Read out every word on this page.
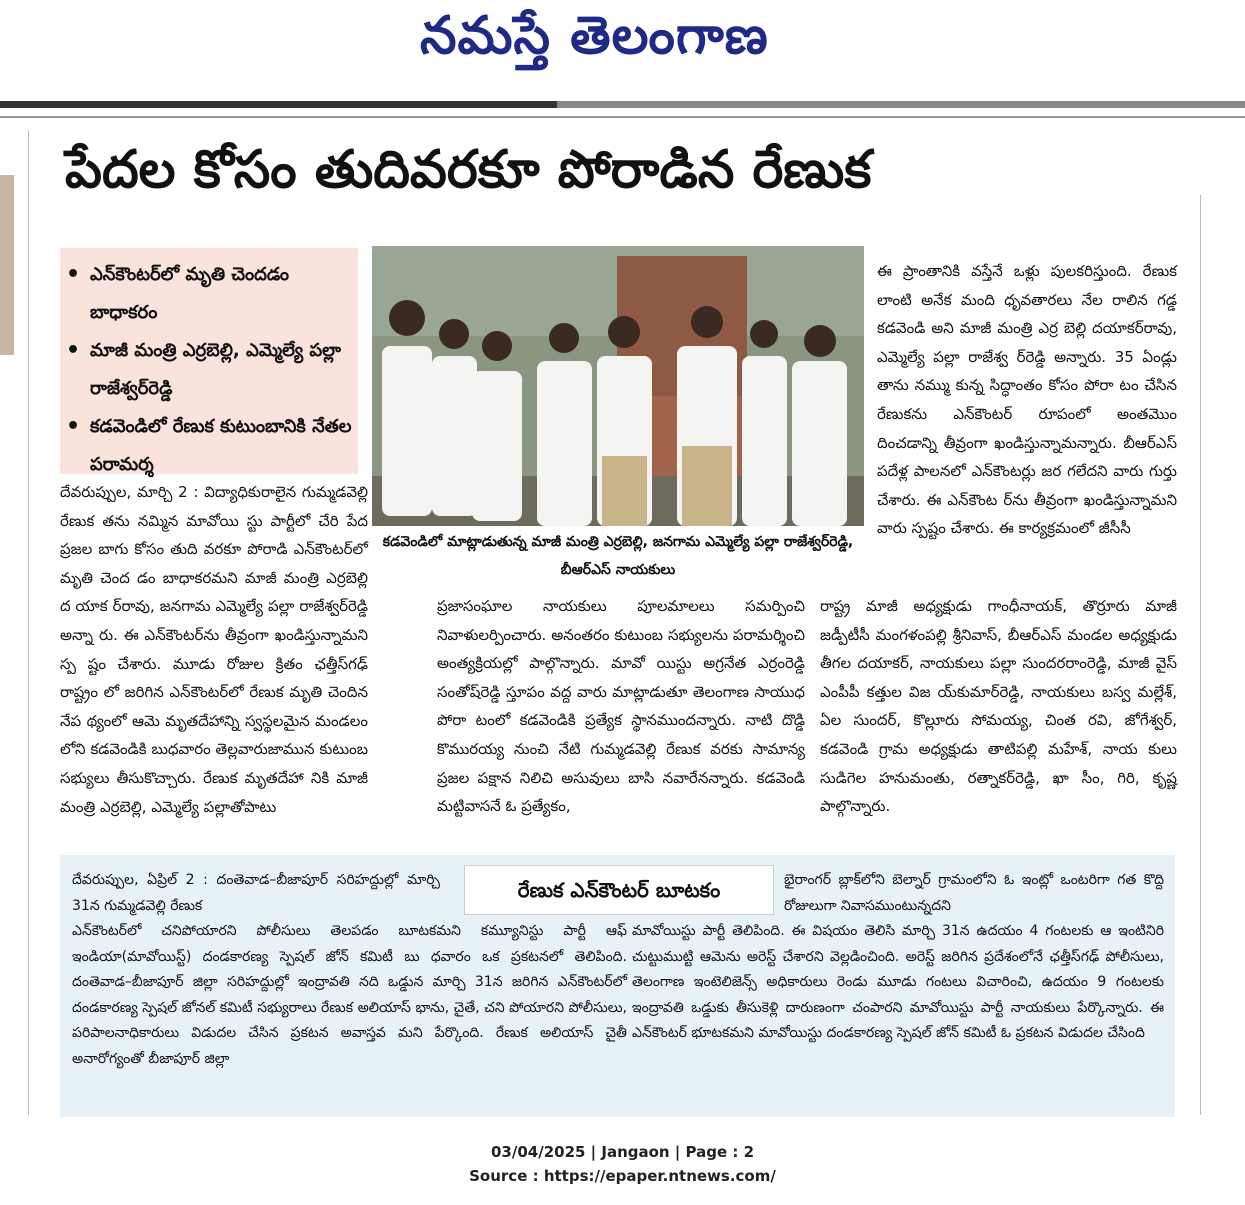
నమస్తే తెలంగాణ
పేదల కోసం తుదివరకూ పోరాడిన రేణుక
• ఎన్‌కౌంటర్‌లో మృతి చెందడం బాధాకరం
• మాజీ మంత్రి ఎర్రబెల్లి, ఎమ్మెల్యే పల్లా రాజేశ్వర్‌రెడ్డి
• కడవెండిలో రేణుక కుటుంబానికి నేతల పరామర్శ
కడవెండిలో మాట్లాడుతున్న మాజీ మంత్రి ఎర్రబెల్లి, జనగామ ఎమ్మెల్యే పల్లా రాజేశ్వర్‌రెడ్డి, బీఆర్‌ఎస్ నాయకులు
దేవరుప్పుల, మార్చి 2 : విద్యాధికురాలైన గుమ్మడవెల్లి రేణుక తను నమ్మిన మావోయి స్టు పార్టీలో చేరి పేద ప్రజల బాగు కోసం తుది వరకూ పోరాడి ఎన్‌కౌంటర్‌లో మృతి చెంద డం బాధాకరమని మాజీ మంత్రి ఎర్రబెల్లి ద యాక ర్‌రావు, జనగామ ఎమ్మెల్యే పల్లా రాజేశ్వర్‌రెడ్డి అన్నా రు. ఈ ఎన్‌కౌంటర్‌ను తీవ్రంగా ఖండిస్తున్నామని స్ప ష్టం చేశారు. మూడు రోజుల క్రితం ఛత్తీస్‌గఢ్ రాష్ట్రం లో జరిగిన ఎన్‌కౌంటర్‌లో రేణుక మృతి చెందిన నేప థ్యంలో ఆమె మృతదేహాన్ని స్వస్థలమైన మండలం లోని కడవెండికి బుధవారం తెల్లవారుజామున కుటుంబ సభ్యులు తీసుకొచ్చారు. రేణుక మృతదేహా నికి మాజీ మంత్రి ఎర్రబెల్లి, ఎమ్మెల్యే పల్లాతోపాటు
ప్రజాసంఘాల నాయకులు పూలమాలలు సమర్పించి నివాళులర్పించారు. అనంతరం కుటుంబ సభ్యులను పరామర్శించి అంత్యక్రియల్లో పాల్గొన్నారు. మావో యిస్టు అగ్రనేత ఎర్రంరెడ్డి సంతోష్‌రెడ్డి స్తూపం వద్ద వారు మాట్లాడుతూ తెలంగాణ సాయుధ పోరా టంలో కడవెండికి ప్రత్యేక స్థానముందన్నారు. నాటి దొడ్డి కొమురయ్య నుంచి నేటి గుమ్మడవెల్లి రేణుక వరకు సామాన్య ప్రజల పక్షాన నిలిచి అసువులు బాసి నవారేనన్నారు. కడవెండి మట్టివాసనే ఓ ప్రత్యేకం,
ఈ ప్రాంతానికి వస్తేనే ఒళ్లు పులకరిస్తుంది. రేణుక లాంటి అనేక మంది ధృవతారలు నేల రాలిన గడ్డ కడవెండి అని మాజీ మంత్రి ఎర్ర బెల్లి దయాకర్‌రావు, ఎమ్మెల్యే పల్లా రాజేశ్వ ర్‌రెడ్డి అన్నారు. 35 ఏండ్లు తాను నమ్ము కున్న సిద్ధాంతం కోసం పోరా టం చేసిన రేణుకను ఎన్‌కౌంటర్ రూపంలో అంతమొం దించడాన్ని తీవ్రంగా ఖండిస్తున్నామన్నారు. బీఆర్‌ఎస్ పదేళ్ల పాలనలో ఎన్‌కౌంటర్లు జర గలేదని వారు గుర్తు చేశారు. ఈ ఎన్‌కౌంట ర్‌ను తీవ్రంగా ఖండిస్తున్నామని వారు స్పష్టం చేశారు. ఈ కార్యక్రమంలో జీసీసీ
రాష్ట్ర మాజీ అధ్యక్షుడు గాంధీనాయక్, తొర్రూరు మాజీ జడ్పీటీసీ మంగళంపల్లి శ్రీనివాస్, బీఆర్‌ఎస్ మండల అధ్యక్షుడు తీగల దయాకర్, నాయకులు పల్లా సుందరరాంరెడ్డి, మాజీ వైస్ ఎంపీపీ కత్తుల విజ య్‌కుమార్‌రెడ్డి, నాయకులు బస్వ మల్లేశ్, ఏల సుందర్, కొల్లూరు సోమయ్య, చింత రవి, జోగేశ్వర్, కడవెండి గ్రామ అధ్యక్షుడు తాటిపల్లి మహేశ్, నాయ కులు సుడిగెల హనుమంతు, రత్నాకర్‌రెడ్డి, ఖా సీం, గిరి, కృష్ణ పాల్గొన్నారు.
రేణుక ఎన్‌కౌంటర్ బూటకం
దేవరుప్పుల, ఏప్రిల్ 2 : దంతెవాడ–బీజాపూర్ సరిహద్దుల్లో మార్చి 31న గుమ్మడవెల్లి రేణుక
ఎన్‌కౌంటర్‌లో చనిపోయారని పోలీసులు తెలపడం బూటకమని కమ్యూనిస్టు పార్టీ ఆఫ్ ఇండియా(మావోయిస్ట్) దండకారణ్య స్పెషల్ జోన్ కమిటీ బు ధవారం ఒక ప్రకటనలో తెలిపింది. దంతెవాడ–బీజాపూర్ జిల్లా సరిహద్దుల్లో ఇంద్రావతి నది ఒడ్డున మార్చి 31న జరిగిన ఎన్‌కౌంటర్‌లో దండకారణ్య స్పెషల్ జోనల్ కమిటీ సభ్యురాలు రేణుక అలియాస్ భాను, చైతే, చని పోయారని పోలీసులు, పరిపాలనాధికారులు విడుదల చేసిన ప్రకటన అవాస్తవ మని పేర్కొంది. రేణుక అలియాస్ చైతీ అనారోగ్యంతో బీజాపూర్ జిల్లా
భైరాంగర్ బ్లాక్‌లోని బెల్నార్ గ్రామంలోని ఓ ఇంట్లో ఒంటరిగా గత కొద్ది రోజులుగా నివాసముంటున్నదని
మావోయిస్టు పార్టీ తెలిపింది. ఈ విషయం తెలిసి మార్చి 31న ఉదయం 4 గంటలకు ఆ ఇంటినిరి చుట్టుముట్టి ఆమెను అరెస్ట్ చేశారని వెల్లడించింది. అరెస్ట్ జరిగిన ప్రదేశంలోనే ఛత్తీస్‌గఢ్ పోలీసులు, తెలంగాణ ఇంటెలిజెన్స్ అధికారులు రెండు మూడు గంటలు విచారించి, ఉదయం 9 గంటలకు ఇంద్రావతి ఒడ్డుకు తీసుకెళ్లి దారుణంగా చంపారని మావోయిస్టు పార్టీ నాయకులు పేర్కొన్నారు. ఈ ఎన్‌కౌంటర్ భూటకమని మావోయిస్టు దండకారణ్య స్పెషల్ జోన్ కమిటీ ఓ ప్రకటన విడుదల చేసింది
03/04/2025 | Jangaon | Page : 2
Source : https://epaper.ntnews.com/
